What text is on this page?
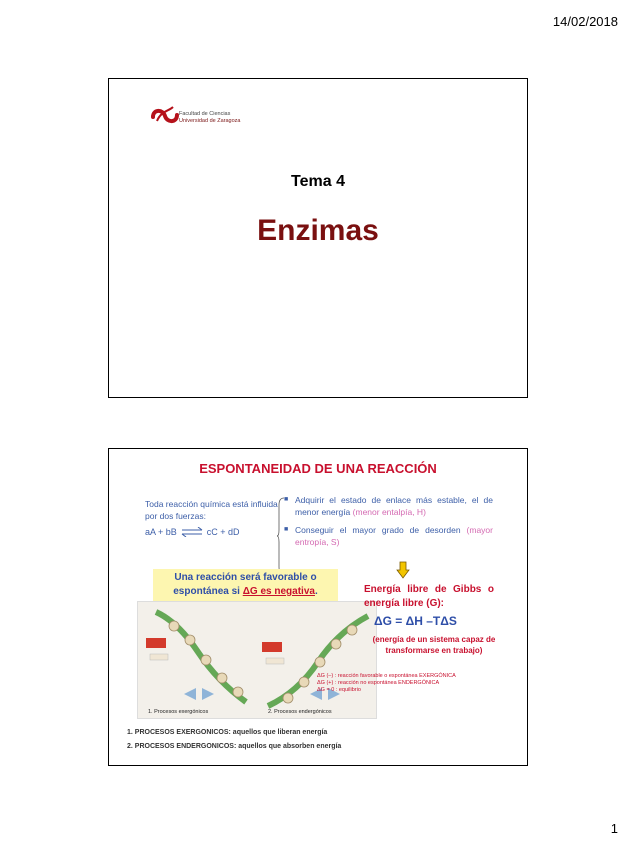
14/02/2018
Facultad de Ciencias
Universidad de Zaragoza
Tema 4
Enzimas
ESPONTANEIDAD DE UNA REACCIÓN
Toda reacción química está influida por dos fuerzas:
aA + bB ⇌ cC + dD
■ Adquirir el estado de enlace más estable, el de menor energía (menor entalpía, H)
■ Conseguir el mayor grado de desorden (mayor entropía, S)
Una reacción será favorable o espontánea si ΔG es negativa.
1. Procesos exergónicos	2. Procesos endergónicos
Energía libre de Gibbs o energía libre (G):
ΔG = ΔH –TΔS
(energía de un sistema capaz de transformarse en trabajo)
ΔG (–) : reacción favorable o espontánea EXERGÓNICA
ΔG (+) : reacción no espontánea ENDERGÓNICA
ΔG = 0 : equilibrio
1. PROCESOS EXERGONICOS: aquellos que liberan energía
2. PROCESOS ENDERGONICOS: aquellos que absorben energía
1
